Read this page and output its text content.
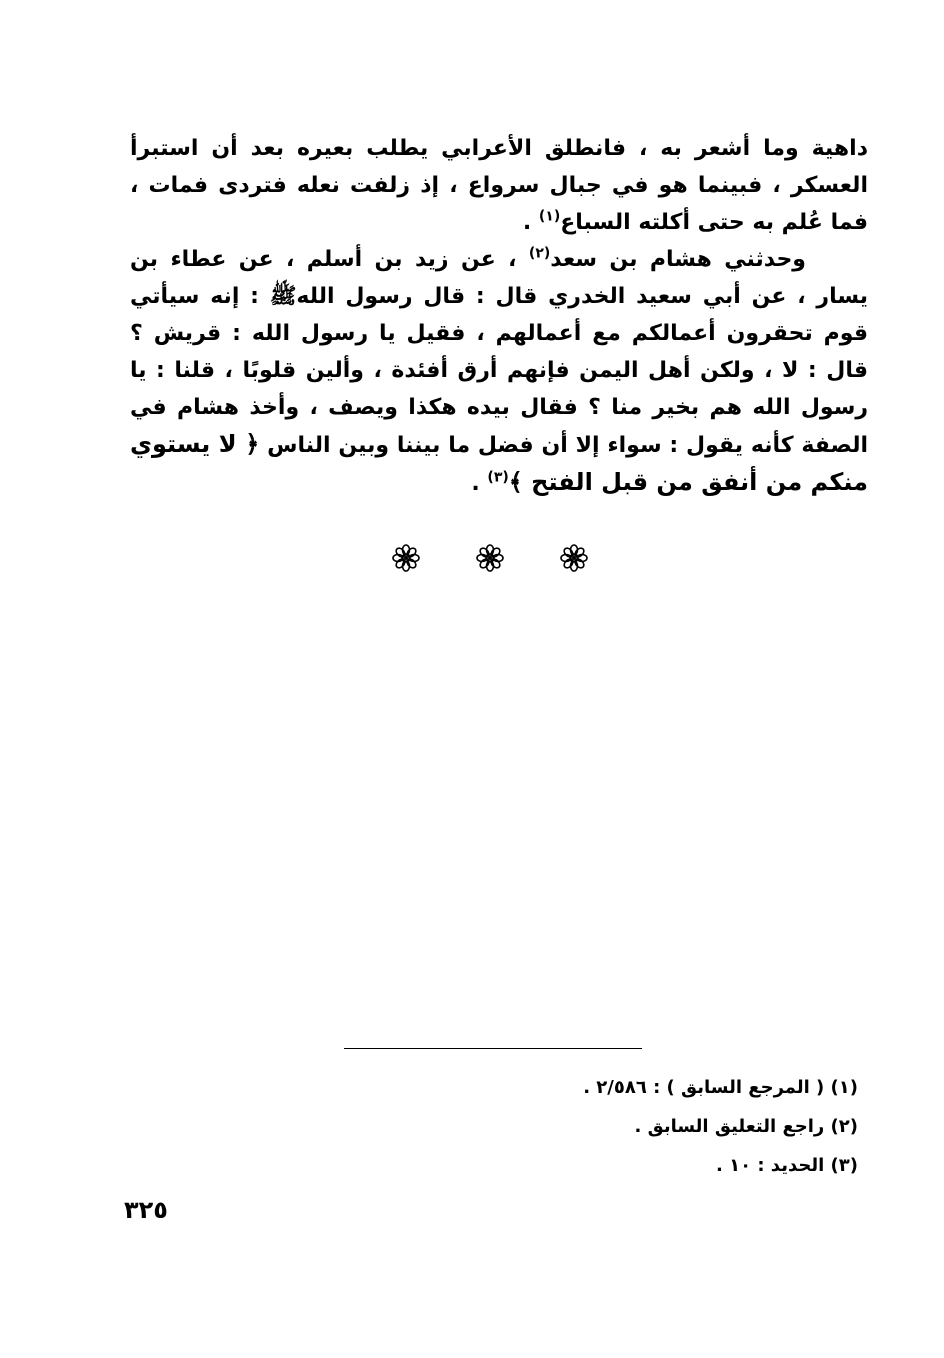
داهية وما أشعر به ، فانطلق الأعرابي يطلب بعيره بعد أن استبرأ العسكر ، فبينما هو في جبال سرواع ، إذ زلفت نعله فتردى فمات ، فما عُلم به حتى أكلته السباع$^{(١)}$ .

وحدثني هشام بن سعد$^{(٢)}$ ، عن زيد بن أسلم ، عن عطاء بن يسار ، عن أبي سعيد الخدري قال : قال رسول اللهﷺ : إنه سيأتي قوم تحقرون أعمالكم مع أعمالهم ، فقيل يا رسول الله : قريش ؟ قال : لا ، ولكن أهل اليمن فإنهم أرق أفئدة ، وألين قلوبًا ، قلنا : يا رسول الله هم بخير منا ؟ فقال بيده هكذا ويصف ، وأخذ هشام في الصفة كأنه يقول : سواء إلا أن فضل ما بيننا وبين الناس ﴿ لا يستوي منكم من أنفق من قبل الفتح ﴾$^{(٣)}$ .

(١) ( المرجع السابق ) : ٢/٥٨٦ .
(٢) راجع التعليق السابق .
(٣) الحديد : ١٠ .
٣٢٥
